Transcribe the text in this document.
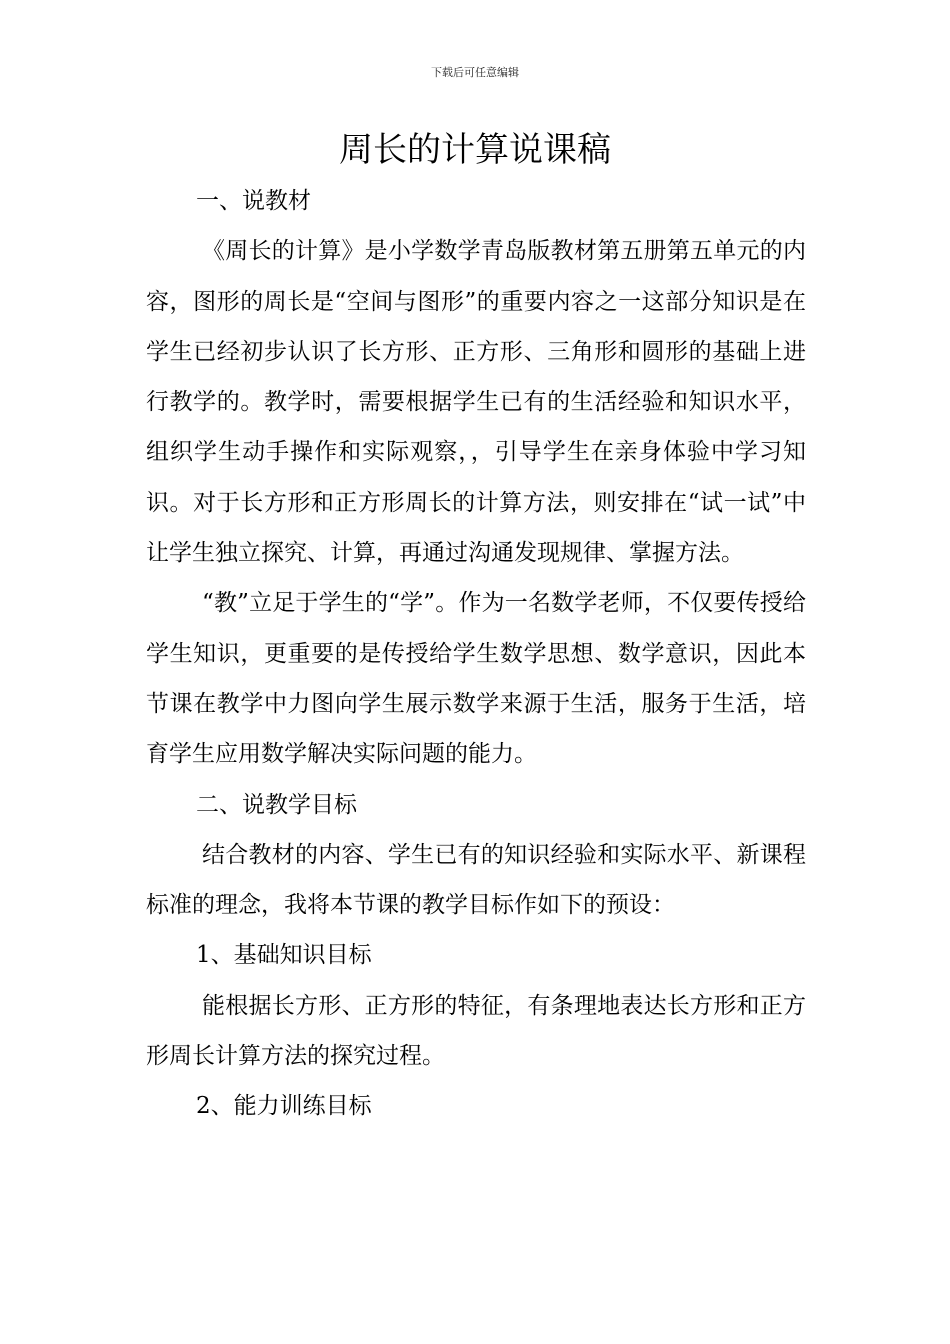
下载后可任意编辑
周长的计算说课稿

一、说教材

《周长的计算》是小学数学青岛版教材第五册第五单元的内容，图形的周长是“空间与图形”的重要内容之一这部分知识是在学生已经初步认识了长方形、正方形、三角形和圆形的基础上进行教学的。教学时，需要根据学生已有的生活经验和知识水平，组织学生动手操作和实际观察，，引导学生在亲身体验中学习知识。对于长方形和正方形周长的计算方法，则安排在“试一试”中让学生独立探究、计算，再通过沟通发现规律、掌握方法。

“教”立足于学生的“学”。作为一名数学老师，不仅要传授给学生知识，更重要的是传授给学生数学思想、数学意识，因此本节课在教学中力图向学生展示数学来源于生活，服务于生活，培育学生应用数学解决实际问题的能力。

二、说教学目标

结合教材的内容、学生已有的知识经验和实际水平、新课程标准的理念，我将本节课的教学目标作如下的预设：

1、基础知识目标

能根据长方形、正方形的特征，有条理地表达长方形和正方形周长计算方法的探究过程。

2、能力训练目标
